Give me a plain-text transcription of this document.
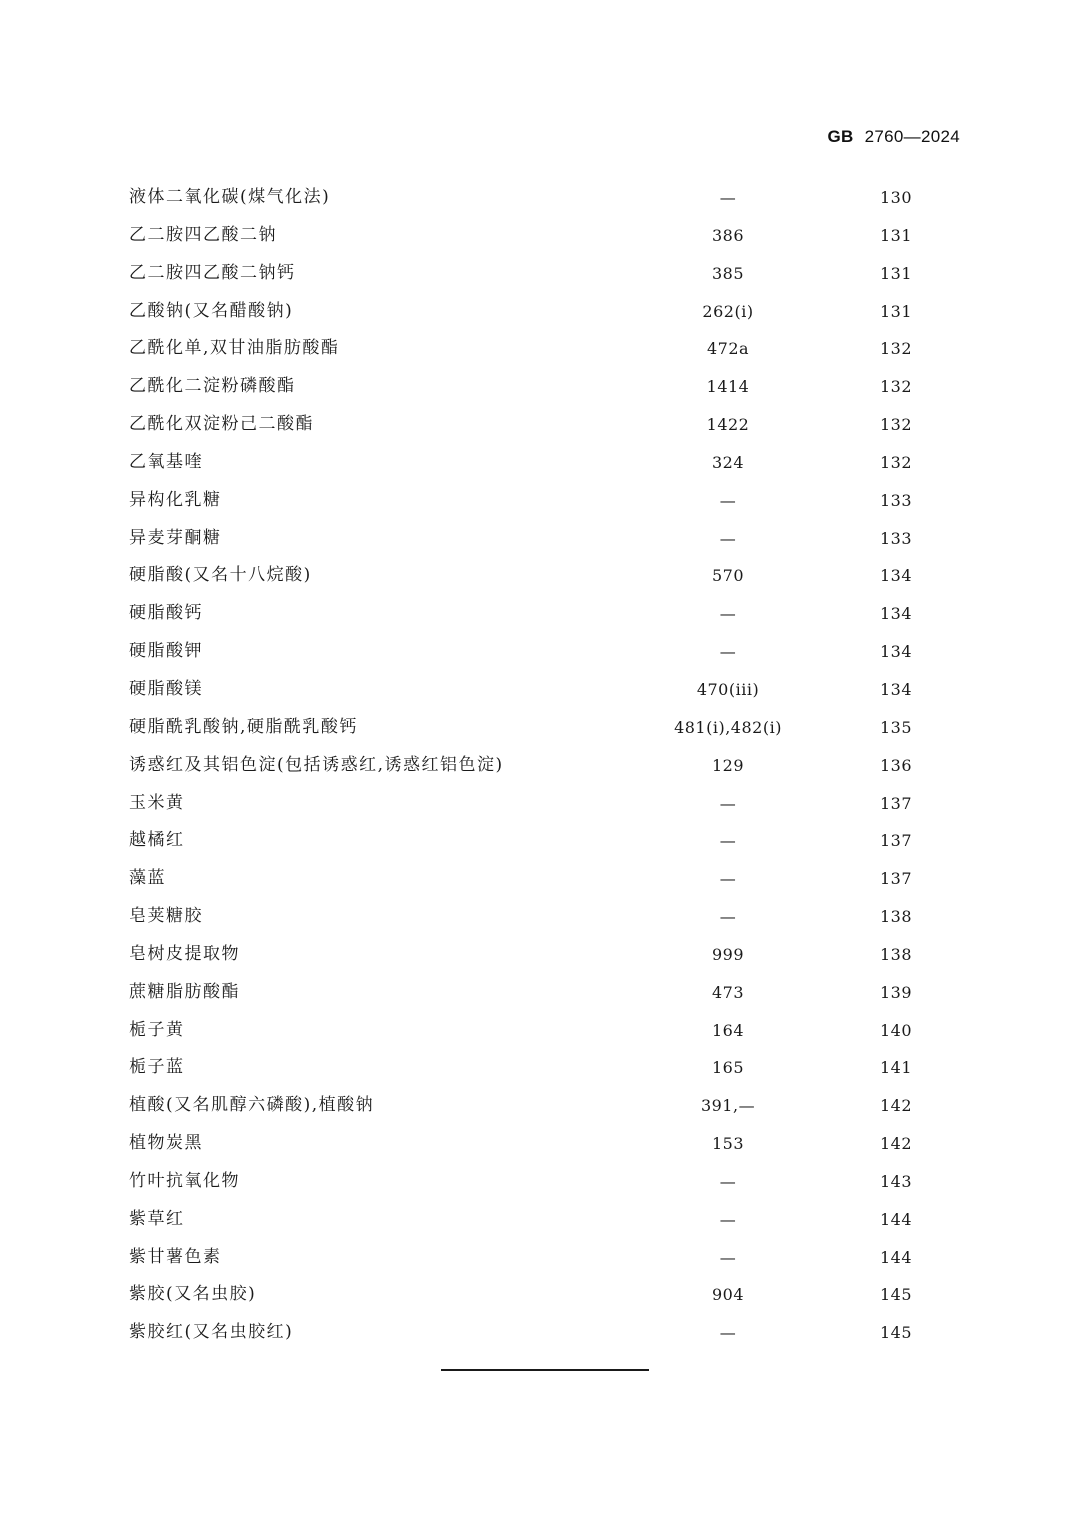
GB 2760—2024
液体二氧化碳(煤气化法)	—	130
乙二胺四乙酸二钠	386	131
乙二胺四乙酸二钠钙	385	131
乙酸钠(又名醋酸钠)	262(i)	131
乙酰化单,双甘油脂肪酸酯	472a	132
乙酰化二淀粉磷酸酯	1414	132
乙酰化双淀粉己二酸酯	1422	132
乙氧基喹	324	132
异构化乳糖	—	133
异麦芽酮糖	—	133
硬脂酸(又名十八烷酸)	570	134
硬脂酸钙	—	134
硬脂酸钾	—	134
硬脂酸镁	470(iii)	134
硬脂酰乳酸钠,硬脂酰乳酸钙	481(i),482(i)	135
诱惑红及其铝色淀(包括诱惑红,诱惑红铝色淀)	129	136
玉米黄	—	137
越橘红	—	137
藻蓝	—	137
皂荚糖胶	—	138
皂树皮提取物	999	138
蔗糖脂肪酸酯	473	139
栀子黄	164	140
栀子蓝	165	141
植酸(又名肌醇六磷酸),植酸钠	391,—	142
植物炭黑	153	142
竹叶抗氧化物	—	143
紫草红	—	144
紫甘薯色素	—	144
紫胶(又名虫胶)	904	145
紫胶红(又名虫胶红)	—	145
